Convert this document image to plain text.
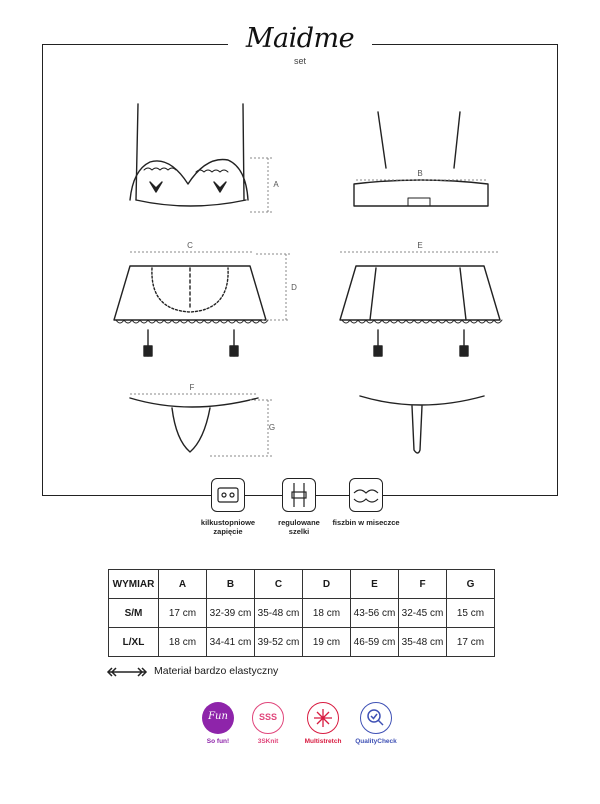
Maidme
set
A
B
C
D
E
F
G
kilkustopniowe
zapięcie
regulowane
szelki
fiszbin w miseczce
WYMIAR	A	B	C	D	E	F	G
S/M	17 cm	32-39 cm	35-48 cm	18 cm	43-56 cm	32-45 cm	15 cm
L/XL	18 cm	34-41 cm	39-52 cm	19 cm	46-59 cm	35-48 cm	17 cm
Materiał bardzo elastyczny
Fun
So fun!
SSS
3SKnit	Multistretch	QualityCheck
